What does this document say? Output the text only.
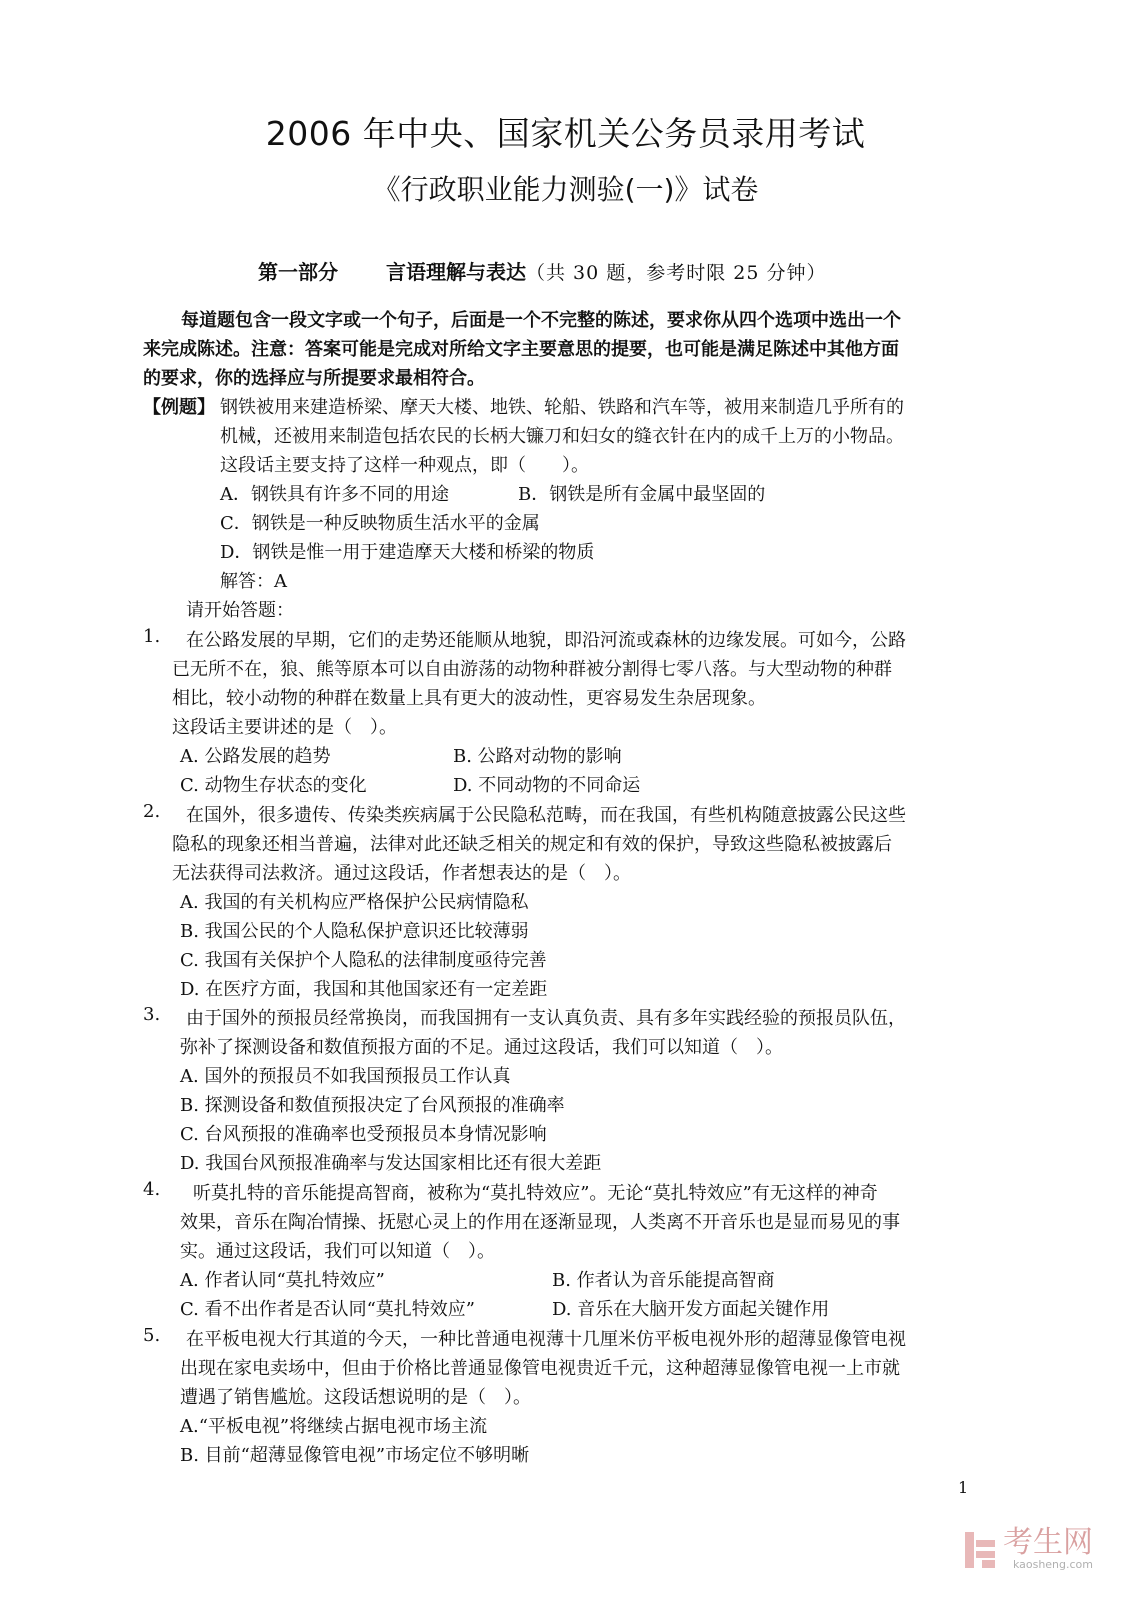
2006 年中央、国家机关公务员录用考试
《行政职业能力测验(一)》试卷
第一部分 言语理解与表达（共 30 题，参考时限 25 分钟）
每道题包含一段文字或一个句子，后面是一个不完整的陈述，要求你从四个选项中选出一个
来完成陈述。注意：答案可能是完成对所给文字主要意思的提要，也可能是满足陈述中其他方面
的要求，你的选择应与所提要求最相符合。
【例题】 钢铁被用来建造桥梁、摩天大楼、地铁、轮船、铁路和汽车等，被用来制造几乎所有的
机械，还被用来制造包括农民的长柄大镰刀和妇女的缝衣针在内的成千上万的小物品。
这段话主要支持了这样一种观点，即（　　）。
A．钢铁具有许多不同的用途	B．钢铁是所有金属中最坚固的
C．钢铁是一种反映物质生活水平的金属
D．钢铁是惟一用于建造摩天大楼和桥梁的物质
解答：A
请开始答题：
1. 在公路发展的早期，它们的走势还能顺从地貌，即沿河流或森林的边缘发展。可如今，公路
已无所不在，狼、熊等原本可以自由游荡的动物种群被分割得七零八落。与大型动物的种群
相比，较小动物的种群在数量上具有更大的波动性，更容易发生杂居现象。
这段话主要讲述的是（　）。
A. 公路发展的趋势	B. 公路对动物的影响
C. 动物生存状态的变化	D. 不同动物的不同命运
2. 在国外，很多遗传、传染类疾病属于公民隐私范畴，而在我国，有些机构随意披露公民这些
隐私的现象还相当普遍，法律对此还缺乏相关的规定和有效的保护，导致这些隐私被披露后
无法获得司法救济。通过这段话，作者想表达的是（　）。
A. 我国的有关机构应严格保护公民病情隐私
B. 我国公民的个人隐私保护意识还比较薄弱
C. 我国有关保护个人隐私的法律制度亟待完善
D. 在医疗方面，我国和其他国家还有一定差距
3. 由于国外的预报员经常换岗，而我国拥有一支认真负责、具有多年实践经验的预报员队伍，
弥补了探测设备和数值预报方面的不足。通过这段话，我们可以知道（　）。
A. 国外的预报员不如我国预报员工作认真
B. 探测设备和数值预报决定了台风预报的准确率
C. 台风预报的准确率也受预报员本身情况影响
D. 我国台风预报准确率与发达国家相比还有很大差距
4. 听莫扎特的音乐能提高智商，被称为“莫扎特效应”。无论“莫扎特效应”有无这样的神奇
效果，音乐在陶冶情操、抚慰心灵上的作用在逐渐显现，人类离不开音乐也是显而易见的事
实。通过这段话，我们可以知道（　）。
A. 作者认同“莫扎特效应”	B. 作者认为音乐能提高智商
C. 看不出作者是否认同“莫扎特效应”	D. 音乐在大脑开发方面起关键作用
5. 在平板电视大行其道的今天，一种比普通电视薄十几厘米仿平板电视外形的超薄显像管电视
出现在家电卖场中，但由于价格比普通显像管电视贵近千元，这种超薄显像管电视一上市就
遭遇了销售尴尬。这段话想说明的是（　）。
A.“平板电视”将继续占据电视市场主流
B. 目前“超薄显像管电视”市场定位不够明晰
1
考生网
kaosheng.com
